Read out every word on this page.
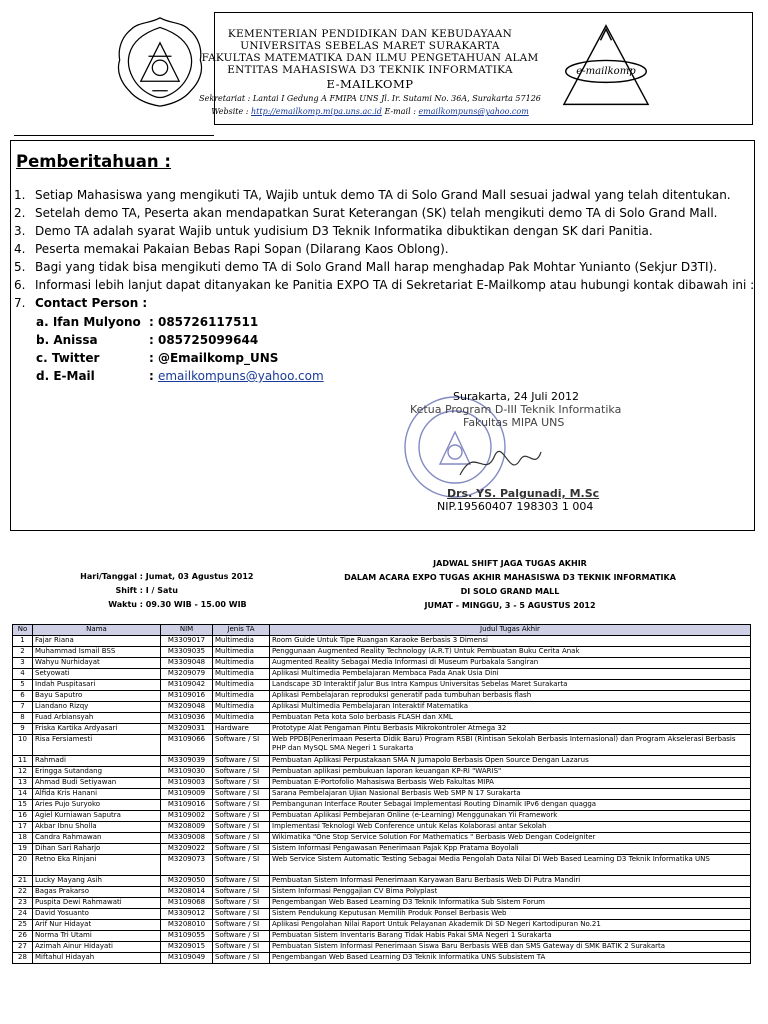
e-mailkomp
KEMENTERIAN PENDIDIKAN DAN KEBUDAYAAN
UNIVERSITAS SEBELAS MARET SURAKARTA
FAKULTAS MATEMATIKA DAN ILMU PENGETAHUAN ALAM
ENTITAS MAHASISWA D3 TEKNIK INFORMATIKA
E-MAILKOMP
Sekretariat : Lantai I Gedung A FMIPA UNS Jl. Ir. Sutami No. 36A, Surakarta 57126
Website : http://emailkomp.mipa.uns.ac.id E-mail : emailkompuns@yahoo.com
Pemberitahuan :
1. Setiap Mahasiswa yang mengikuti TA, Wajib untuk demo TA di Solo Grand Mall sesuai jadwal yang telah ditentukan.
2. Setelah demo TA, Peserta akan mendapatkan Surat Keterangan (SK) telah mengikuti demo TA di Solo Grand Mall.
3. Demo TA adalah syarat Wajib untuk yudisium D3 Teknik Informatika dibuktikan dengan SK dari Panitia.
4. Peserta memakai Pakaian Bebas Rapi Sopan (Dilarang Kaos Oblong).
5. Bagi yang tidak bisa mengikuti demo TA di Solo Grand Mall harap menghadap Pak Mohtar Yunianto (Sekjur D3TI).
6. Informasi lebih lanjut dapat ditanyakan ke Panitia EXPO TA di Sekretariat E-Mailkomp atau hubungi kontak dibawah ini :
7. Contact Person :
a. Ifan Mulyono : 085726117511
b. Anissa	: 085725099644
c. Twitter	: @Emailkomp_UNS
d. E-Mail	: emailkompuns@yahoo.com
Surakarta, 24 Juli 2012
Ketua Program D-III Teknik Informatika
Fakultas MIPA UNS
Drs. YS. Palgunadi, M.Sc
NIP.19560407 198303 1 004
Hari/Tanggal : Jumat, 03 Agustus 2012
Shift : I / Satu
Waktu : 09.30 WIB - 15.00 WIB
JADWAL SHIFT JAGA TUGAS AKHIR
DALAM ACARA EXPO TUGAS AKHIR MAHASISWA D3 TEKNIK INFORMATIKA
DI SOLO GRAND MALL
JUMAT - MINGGU, 3 - 5 AGUSTUS 2012
No	Nama	NIM	Jenis TA	Judul Tugas Akhir
1	Fajar Riana	M3309017	Multimedia	Room Guide Untuk Tipe Ruangan Karaoke Berbasis 3 Dimensi
2	Muhammad Ismail BSS	M3309035	Multimedia	Penggunaan Augmented Reality Technology (A.R.T) Untuk Pembuatan Buku Cerita Anak
3	Wahyu Nurhidayat	M3309048	Multimedia	Augmented Reality Sebagai Media Informasi di Museum Purbakala Sangiran
4	Setyowati	M3209079	Multimedia	Aplikasi Multimedia Pembelajaran Membaca Pada Anak Usia Dini
5	Indah Puspitasari	M3109042	Multimedia	Landscape 3D Interaktif Jalur Bus Intra Kampus Universitas Sebelas Maret Surakarta
6	Bayu Saputro	M3109016	Multimedia	Aplikasi Pembelajaran reproduksi generatif pada tumbuhan berbasis flash
7	Liandano Rizqy	M3209048	Multimedia	Aplikasi Multimedia Pembelajaran Interaktif Matematika
8	Fuad Arbiansyah	M3109036	Multimedia	Pembuatan Peta kota Solo berbasis FLASH dan XML
9	Friska Kartika Ardyasari	M3209031	Hardware	Prototype Alat Pengaman Pintu Berbasis Mikrokontroler Atmega 32
10	Risa Fersiamesti	M3109066	Software / SI	Web PPDB(Penerimaan Peserta Didik Baru) Program RSBI (Rintisan Sekolah Berbasis Internasional) dan Program Akselerasi Berbasis PHP dan MySQL SMA Negeri 1 Surakarta
11	Rahmadi	M3309039	Software / SI	Pembuatan Aplikasi Perpustakaan SMA N Jumapolo Berbasis Open Source Dengan Lazarus
12	Eringga Sutandang	M3109030	Software / SI	Pembuatan aplikasi pembukuan laporan keuangan KP-RI "WARIS"
13	Ahmad Budi Setiyawan	M3109003	Software / SI	Pembuatan E-Portofolio Mahasiswa Berbasis Web Fakultas MIPA
14	Alfida Kris Hanani	M3109009	Software / SI	Sarana Pembelajaran Ujian Nasional Berbasis Web SMP N 17 Surakarta
15	Aries Pujo Suryoko	M3109016	Software / SI	Pembangunan Interface Router Sebagai Implementasi Routing Dinamik IPv6 dengan quagga
16	Agiel Kurniawan Saputra	M3109002	Software / SI	Pembuatan Aplikasi Pembejaran Online (e-Learning) Menggunakan Yii Framework
17	Akbar Ibnu Sholla	M3208009	Software / SI	Implementasi Teknologi Web Conference untuk Kelas Kolaborasi antar Sekolah
18	Candra Rahmawan	M3309008	Software / SI	Wikimatika "One Stop Service Solution For Mathematics " Berbasis Web Dengan Codeigniter
19	Dihan Sari Raharjo	M3209022	Software / SI	Sistem Informasi Pengawasan Penerimaan Pajak Kpp Pratama Boyolali
20	Retno Eka Rinjani	M3209073	Software / SI	Web Service Sistem Automatic Testing Sebagai Media Pengolah Data Nilai Di Web Based Learning D3 Teknik Informatika UNS
21	Lucky Mayang Asih	M3209050	Software / SI	Pembuatan Sistem Informasi Penerimaan Karyawan Baru Berbasis Web Di Putra Mandiri
22	Bagas Prakarso	M3208014	Software / SI	Sistem Informasi Penggajian CV Bima Polyplast
23	Puspita Dewi Rahmawati	M3109068	Software / SI	Pengembangan Web Based Learning D3 Teknik Informatika Sub Sistem Forum
24	David Yosuanto	M3309012	Software / SI	Sistem Pendukung Keputusan Memilih Produk Ponsel Berbasis Web
25	Arif Nur Hidayat	M3208010	Software / SI	Aplikasi Pengolahan Nilai Raport Untuk Pelayanan Akademik Di SD Negeri Kartodipuran No.21
26	Norma Tri Utami	M3109055	Software / SI	Pembuatan Sistem Inventaris Barang Tidak Habis Pakai SMA Negeri 1 Surakarta
27	Azimah Ainur Hidayati	M3209015	Software / SI	Pembuatan Sistem Informasi Penerimaan Siswa Baru Berbasis WEB dan SMS Gateway di SMK BATIK 2 Surakarta
28	Miftahul Hidayah	M3109049	Software / SI	Pengembangan Web Based Learning D3 Teknik Informatika UNS Subsistem TA
